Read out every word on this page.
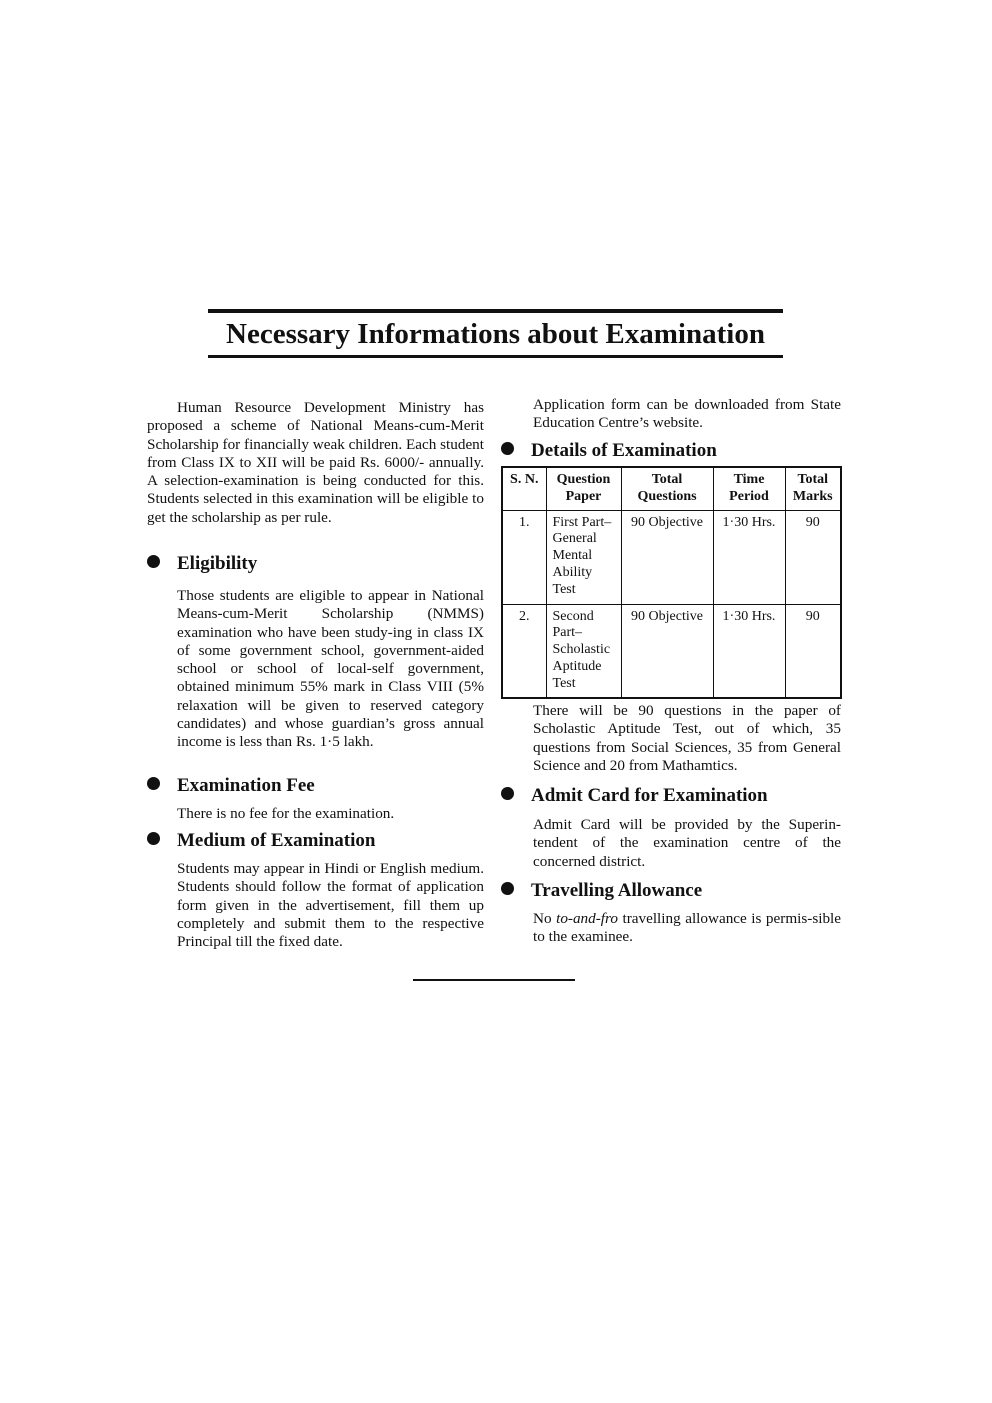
Necessary Informations about Examination

Human Resource Development Ministry has proposed a scheme of National Means-cum-Merit Scholarship for financially weak children. Each student from Class IX to XII will be paid Rs. 6000/- annually. A selection-examination is being conducted for this. Students selected in this examination will be eligible to get the scholarship as per rule.

Eligibility

Those students are eligible to appear in National Means-cum-Merit Scholarship (NMMS) examination who have been study-ing in class IX of some government school, government-aided school or school of local-self government, obtained minimum 55% mark in Class VIII (5% relaxation will be given to reserved category candidates) and whose guardian’s gross annual income is less than Rs. 1·5 lakh.

Examination Fee

There is no fee for the examination.

Medium of Examination

Students may appear in Hindi or English medium. Students should follow the format of application form given in the advertisement, fill them up completely and submit them to the respective Principal till the fixed date.

Application form can be downloaded from State Education Centre’s website.

Details of Examination
S. N.	Question Paper	Total Questions	Time Period	Total Marks
1.	First Part–General Mental Ability Test	90 Objective	1·30 Hrs.	90
2.	Second Part–Scholastic Aptitude Test	90 Objective	1·30 Hrs.	90

There will be 90 questions in the paper of Scholastic Aptitude Test, out of which, 35 questions from Social Sciences, 35 from General Science and 20 from Mathamtics.

Admit Card for Examination

Admit Card will be provided by the Superin-tendent of the examination centre of the concerned district.

Travelling Allowance

No to-and-fro travelling allowance is permis-sible to the examinee.
